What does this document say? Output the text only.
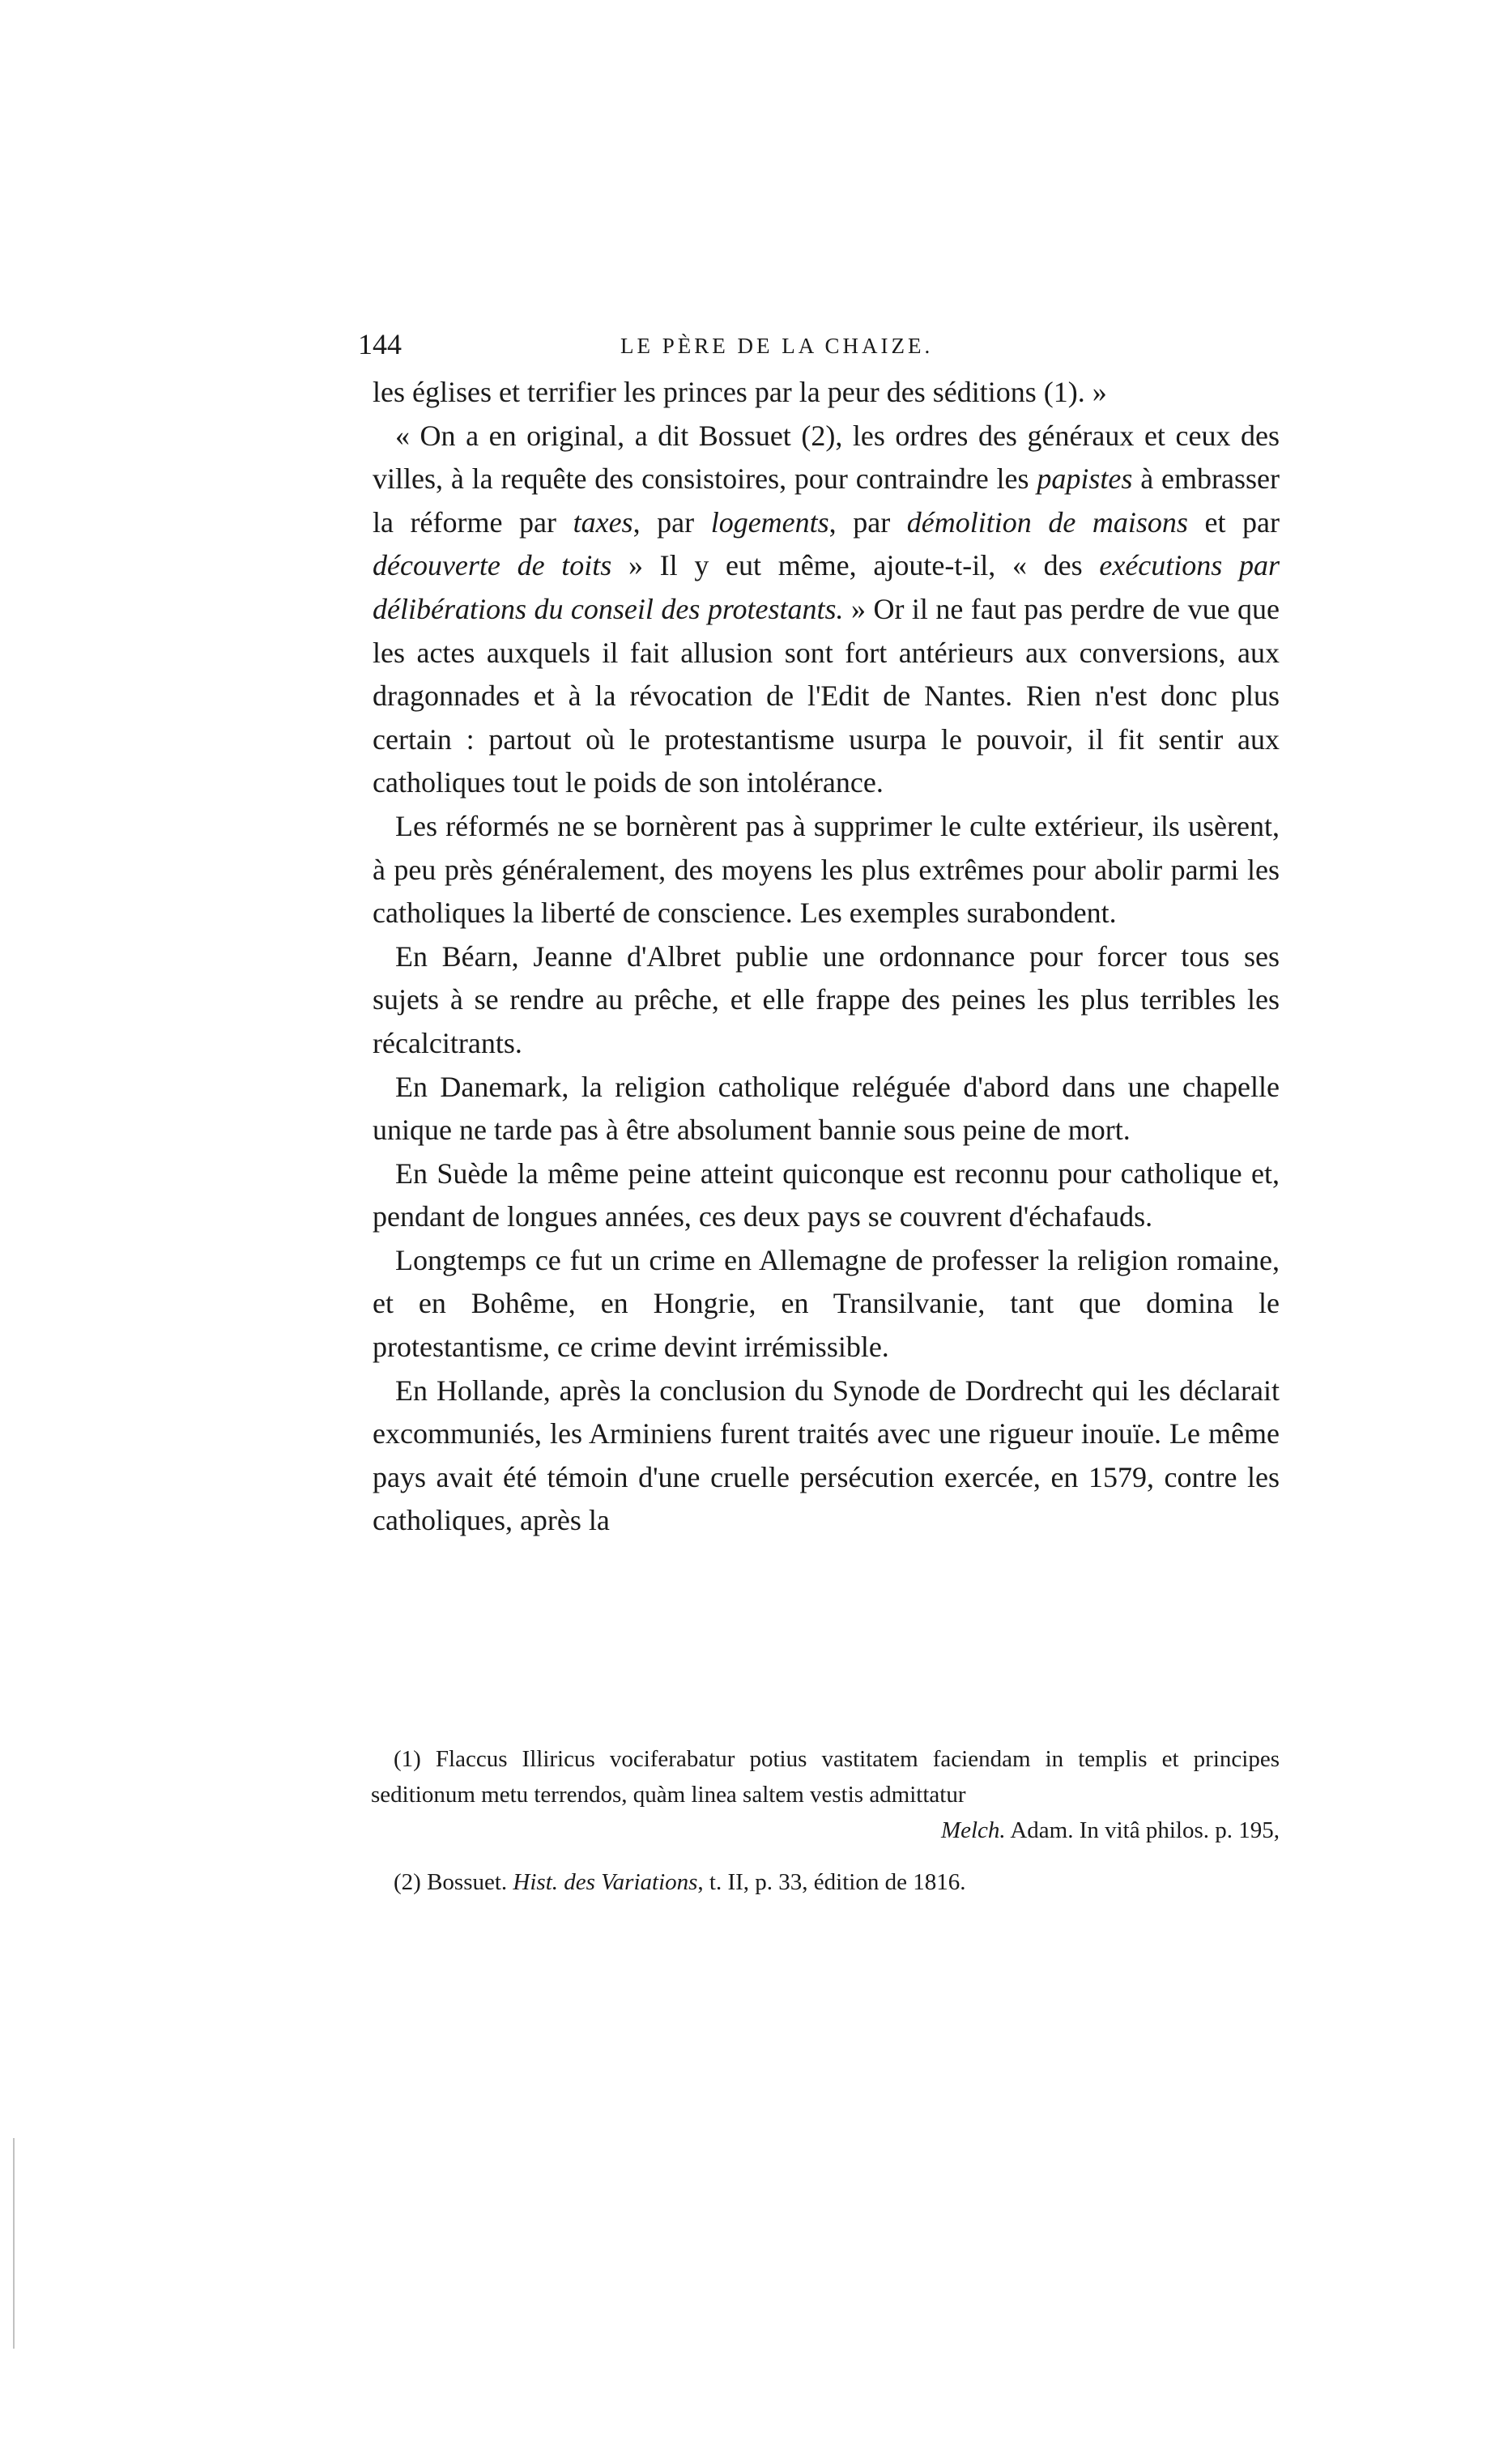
144	LE PÈRE DE LA CHAIZE.

les églises et terrifier les princes par la peur des séditions (1). »

« On a en original, a dit Bossuet (2), les ordres des généraux et ceux des villes, à la requête des consistoires, pour contraindre les papistes à embrasser la réforme par taxes, par logements, par démolition de maisons et par découverte de toits » Il y eut même, ajoute-t-il, « des exécutions par délibérations du conseil des protestants. » Or il ne faut pas perdre de vue que les actes auxquels il fait allusion sont fort antérieurs aux conversions, aux dragonnades et à la révocation de l'Edit de Nantes. Rien n'est donc plus certain : partout où le protestantisme usurpa le pouvoir, il fit sentir aux catholiques tout le poids de son intolérance.

Les réformés ne se bornèrent pas à supprimer le culte extérieur, ils usèrent, à peu près généralement, des moyens les plus extrêmes pour abolir parmi les catholiques la liberté de conscience. Les exemples surabondent.

En Béarn, Jeanne d'Albret publie une ordonnance pour forcer tous ses sujets à se rendre au prêche, et elle frappe des peines les plus terribles les récalcitrants.

En Danemark, la religion catholique reléguée d'abord dans une chapelle unique ne tarde pas à être absolument bannie sous peine de mort.

En Suède la même peine atteint quiconque est reconnu pour catholique et, pendant de longues années, ces deux pays se couvrent d'échafauds.

Longtemps ce fut un crime en Allemagne de professer la religion romaine, et en Bohême, en Hongrie, en Transilvanie, tant que domina le protestantisme, ce crime devint irrémissible.

En Hollande, après la conclusion du Synode de Dordrecht qui les déclarait excommuniés, les Arminiens furent traités avec une rigueur inouïe. Le même pays avait été témoin d'une cruelle persécution exercée, en 1579, contre les catholiques, après la

(1) Flaccus Illiricus vociferabatur potius vastitatem faciendam in templis et principes seditionum metu terrendos, quàm linea saltem vestis admittatur
Melch. Adam. In vitâ philos. p. 195,

(2) Bossuet. Hist. des Variations, t. II, p. 33, édition de 1816.
